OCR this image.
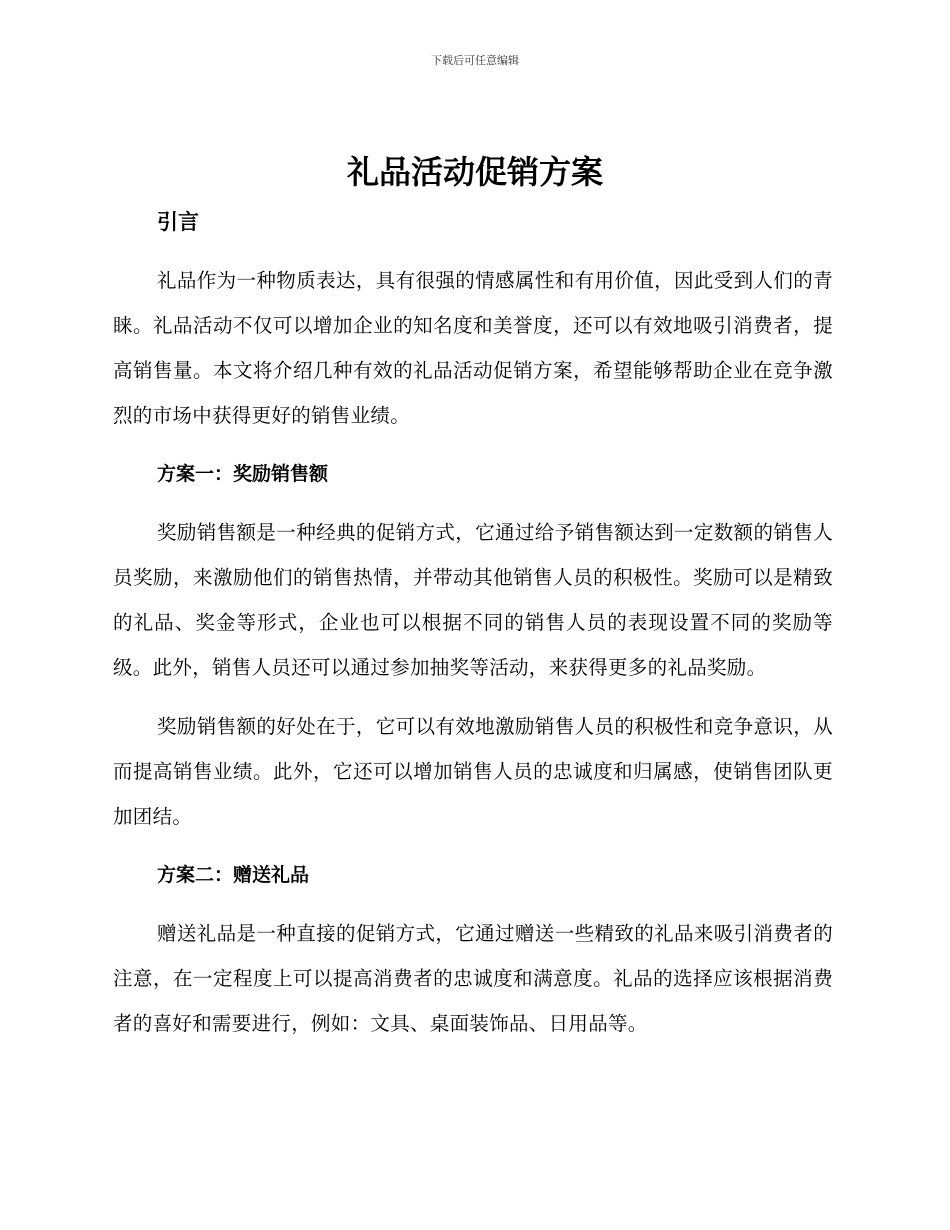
下载后可任意编辑
礼品活动促销方案

引言

礼品作为一种物质表达，具有很强的情感属性和有用价值，因此受到人们的青睐。礼品活动不仅可以增加企业的知名度和美誉度，还可以有效地吸引消费者，提高销售量。本文将介绍几种有效的礼品活动促销方案，希望能够帮助企业在竞争激烈的市场中获得更好的销售业绩。

方案一：奖励销售额

奖励销售额是一种经典的促销方式，它通过给予销售额达到一定数额的销售人员奖励，来激励他们的销售热情，并带动其他销售人员的积极性。奖励可以是精致的礼品、奖金等形式，企业也可以根据不同的销售人员的表现设置不同的奖励等级。此外，销售人员还可以通过参加抽奖等活动，来获得更多的礼品奖励。

奖励销售额的好处在于，它可以有效地激励销售人员的积极性和竞争意识，从而提高销售业绩。此外，它还可以增加销售人员的忠诚度和归属感，使销售团队更加团结。

方案二：赠送礼品

赠送礼品是一种直接的促销方式，它通过赠送一些精致的礼品来吸引消费者的注意，在一定程度上可以提高消费者的忠诚度和满意度。礼品的选择应该根据消费者的喜好和需要进行，例如：文具、桌面装饰品、日用品等。
